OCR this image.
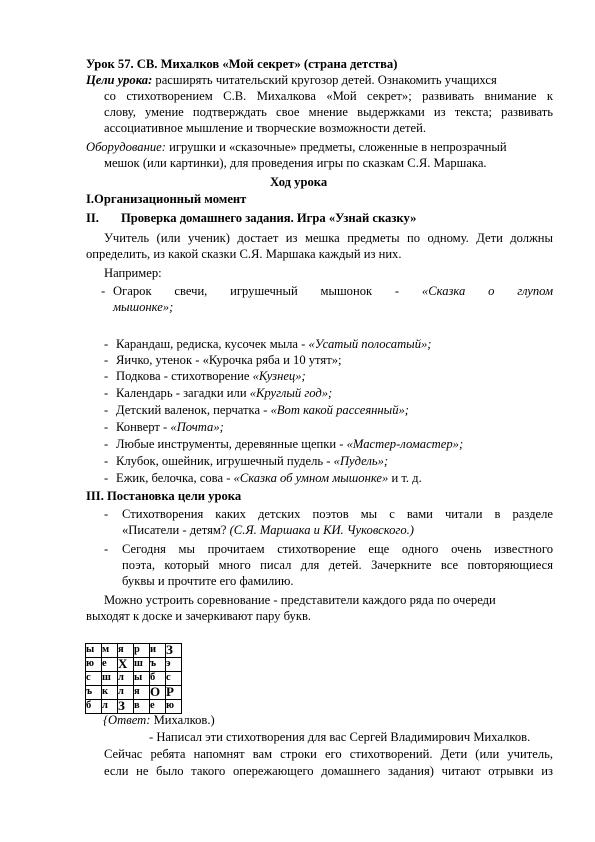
Урок 57. СВ. Михалков «Мой секрет» (страна детства)
Цели урока: расширять читательский кругозор детей. Ознакомить учащихся
со стихотворением С.В. Михалкова «Мой секрет»; развивать внимание к
слову, умение подтверждать свое мнение выдержками из текста; развивать
ассоциативное мышление и творческие возможности детей.
Оборудование: игрушки и «сказочные» предметы, сложенные в непрозрачный
мешок (или картинки), для проведения игры по сказкам С.Я. Маршака.
Ход урока
I.Организационный момент
II. Проверка домашнего задания. Игра «Узнай сказку»
Учитель (или ученик) достает из мешка предметы по одному. Дети должны
определить, из какой сказки С.Я. Маршака каждый из них.
Например:
- Огарок свечи, игрушечный мышонок - «Сказка о глупом
мышонке»;
- Карандаш, редиска, кусочек мыла - «Усатый полосатый»;
- Яичко, утенок - «Курочка ряба и 10 утят»;
- Подкова - стихотворение «Кузнец»;
- Календарь - загадки или «Круглый год»;
- Детский валенок, перчатка - «Вот какой рассеянный»;
- Конверт - «Почта»;
- Любые инструменты, деревянные щепки - «Мастер-ломастер»;
- Клубок, ошейник, игрушечный пудель - «Пудель»;
- Ежик, белочка, сова - «Сказка об умном мышонке» и т. д.
III. Постановка цели урока
- Стихотворения каких детских поэтов мы с вами читали в разделе
«Писатели - детям? (С.Я. Маршака и КИ. Чуковского.)
- Сегодня мы прочитаем стихотворение еще одного очень известного
поэта, который много писал для детей. Зачеркните все повторяющиеся
буквы и прочтите его фамилию.
Можно устроить соревнование - представители каждого ряда по очереди
выходят к доске и зачеркивают пару букв.
ы	м	я	р	и	З
ю	е	Х	ш	ъ	э
с	ш	л	ы	б	с
ъ	к	л	я	О	Р
б	л	З	в	е	ю
{Ответ: Михалков.)
- Написал эти стихотворения для вас Сергей Владимирович Михалков.
Сейчас ребята напомнят вам строки его стихотворений. Дети (или учитель,
если не было такого опережающего домашнего задания) читают отрывки из
